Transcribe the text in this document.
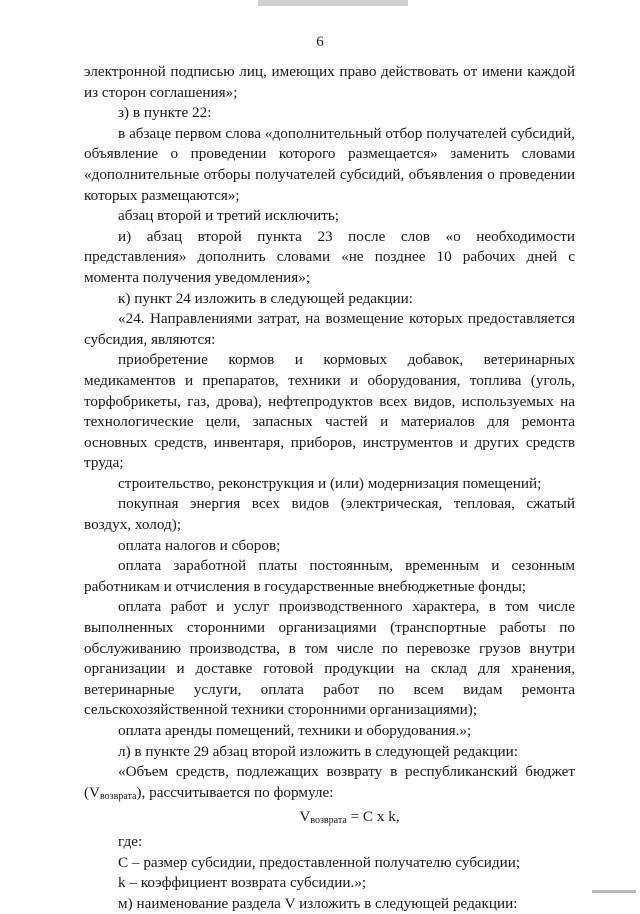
6

электронной подписью лиц, имеющих право действовать от имени каждой из сторон соглашения»;

з) в пункте 22:

в абзаце первом слова «дополнительный отбор получателей субсидий, объявление о проведении которого размещается» заменить словами «дополнительные отборы получателей субсидий, объявления о проведении которых размещаются»;

абзац второй и третий исключить;

и) абзац второй пункта 23 после слов «о необходимости представления» дополнить словами «не позднее 10 рабочих дней с момента получения уведомления»;

к) пункт 24 изложить в следующей редакции:

«24. Направлениями затрат, на возмещение которых предоставляется субсидия, являются:

приобретение кормов и кормовых добавок, ветеринарных медикаментов и препаратов, техники и оборудования, топлива (уголь, торфобрикеты, газ, дрова), нефтепродуктов всех видов, используемых на технологические цели, запасных частей и материалов для ремонта основных средств, инвентаря, приборов, инструментов и других средств труда;

строительство, реконструкция и (или) модернизация помещений;

покупная энергия всех видов (электрическая, тепловая, сжатый воздух, холод);

оплата налогов и сборов;

оплата заработной платы постоянным, временным и сезонным работникам и отчисления в государственные внебюджетные фонды;

оплата работ и услуг производственного характера, в том числе выполненных сторонними организациями (транспортные работы по обслуживанию производства, в том числе по перевозке грузов внутри организации и доставке готовой продукции на склад для хранения, ветеринарные услуги, оплата работ по всем видам ремонта сельскохозяйственной техники сторонними организациями);

оплата аренды помещений, техники и оборудования.»;

л) в пункте 29 абзац второй изложить в следующей редакции:

«Объем средств, подлежащих возврату в республиканский бюджет $(V_{возврата})$, рассчитывается по формуле:

$V_{возврата} = C$ x k,

где:

C – размер субсидии, предоставленной получателю субсидии;

k – коэффициент возврата субсидии.»;

м) наименование раздела V изложить в следующей редакции:
